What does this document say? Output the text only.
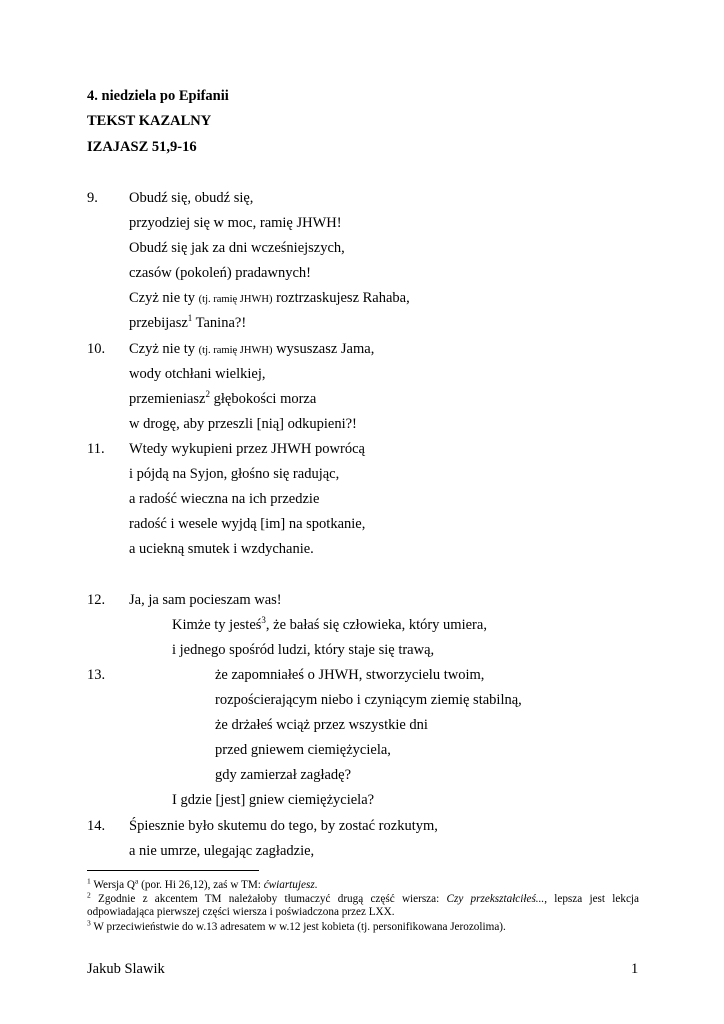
4. niedziela po Epifanii

TEKST KAZALNY

IZAJASZ 51,9-16

9. Obudź się, obudź się,
przyodziej się w moc, ramię JHWH!
Obudź się jak za dni wcześniejszych,
czasów (pokoleń) pradawnych!
Czyż nie ty (tj. ramię JHWH) roztrzaskujesz Rahaba,
przebijasz$^1$ Tanina?!
10. Czyż nie ty (tj. ramię JHWH) wysuszasz Jama,
wody otchłani wielkiej,
przemieniasz$^2$ głębokości morza
w drogę, aby przeszli [nią] odkupieni?!
11. Wtedy wykupieni przez JHWH powrócą
i pójdą na Syjon, głośno się radując,
a radość wieczna na ich przedzie
radość i wesele wyjdą [im] na spotkanie,
a uciekną smutek i wzdychanie.
12. Ja, ja sam pocieszam was!
Kimże ty jesteś$^3$, że bałaś się człowieka, który umiera,
i jednego spośród ludzi, który staje się trawą,
13.	że zapomniałeś o JHWH, stworzycielu twoim,
rozpościerającym niebo i czyniącym ziemię stabilną,
że drżałeś wciąż przez wszystkie dni
przed gniewem ciemiężyciela,
gdy zamierzał zagładę?
I gdzie [jest] gniew ciemiężyciela?
14. Śpiesznie było skutemu do tego, by zostać rozkutym,
a nie umrze, ulegając zagładzie,
$^1$ Wersja $Q^a$ (por. Hi 26,12), zaś w TM: ćwiartujesz.
$^2$ Zgodnie z akcentem TM należałoby tłumaczyć drugą część wiersza: Czy przekształciłeś..., lepsza jest lekcja odpowiadająca pierwszej części wiersza i poświadczona przez LXX.
$^3$ W przeciwieństwie do w.13 adresatem w w.12 jest kobieta (tj. personifikowana Jerozolima).
Jakub Slawik	1
